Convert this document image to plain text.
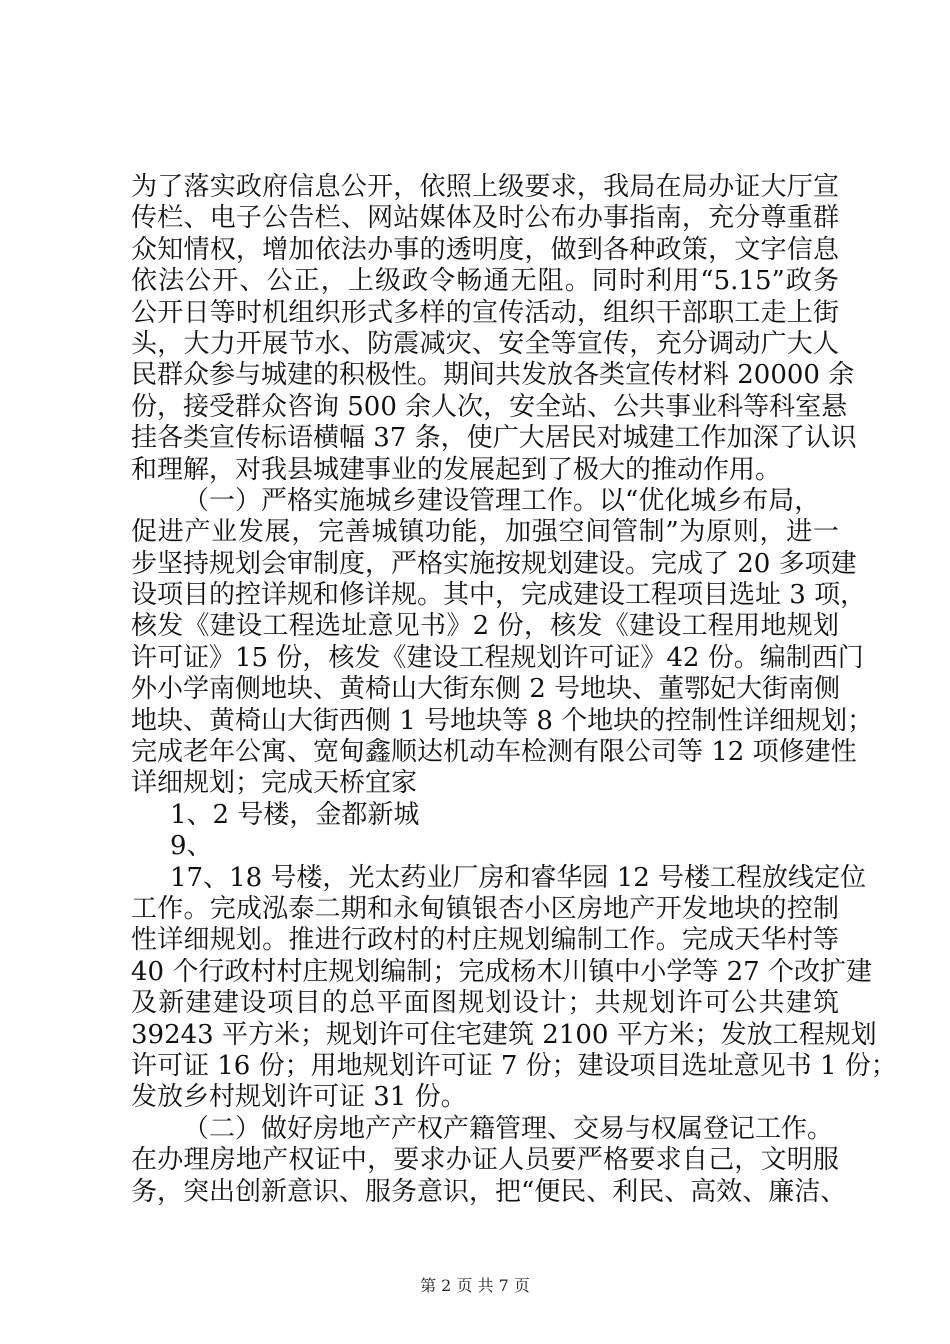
为了落实政府信息公开，依照上级要求，我局在局办证大厅宣
传栏、电子公告栏、网站媒体及时公布办事指南，充分尊重群
众知情权，增加依法办事的透明度，做到各种政策，文字信息
依法公开、公正，上级政令畅通无阻。同时利用“5.15”政务
公开日等时机组织形式多样的宣传活动，组织干部职工走上街
头，大力开展节水、防震减灾、安全等宣传，充分调动广大人
民群众参与城建的积极性。期间共发放各类宣传材料 20000 余
份，接受群众咨询 500 余人次，安全站、公共事业科等科室悬
挂各类宣传标语横幅 37 条，使广大居民对城建工作加深了认识
和理解，对我县城建事业的发展起到了极大的推动作用。
（一）严格实施城乡建设管理工作。以“优化城乡布局，
促进产业发展，完善城镇功能，加强空间管制”为原则，进一
步坚持规划会审制度，严格实施按规划建设。完成了 20 多项建
设项目的控详规和修详规。其中，完成建设工程项目选址 3 项，
核发《建设工程选址意见书》2 份，核发《建设工程用地规划
许可证》15 份，核发《建设工程规划许可证》42 份。编制西门
外小学南侧地块、黄椅山大街东侧 2 号地块、董鄂妃大街南侧
地块、黄椅山大街西侧 1 号地块等 8 个地块的控制性详细规划；
完成老年公寓、宽甸鑫顺达机动车检测有限公司等 12 项修建性
详细规划；完成天桥宜家
1、2 号楼，金都新城
9、
17、18 号楼，光太药业厂房和睿华园 12 号楼工程放线定位
工作。完成泓泰二期和永甸镇银杏小区房地产开发地块的控制
性详细规划。推进行政村的村庄规划编制工作。完成天华村等
40 个行政村村庄规划编制；完成杨木川镇中小学等 27 个改扩建
及新建建设项目的总平面图规划设计；共规划许可公共建筑
39243 平方米；规划许可住宅建筑 2100 平方米；发放工程规划
许可证 16 份；用地规划许可证 7 份；建设项目选址意见书 1 份；
发放乡村规划许可证 31 份。
（二）做好房地产产权产籍管理、交易与权属登记工作。
在办理房地产权证中，要求办证人员要严格要求自己，文明服
务，突出创新意识、服务意识，把“便民、利民、高效、廉洁、
第 2 页 共 7 页
